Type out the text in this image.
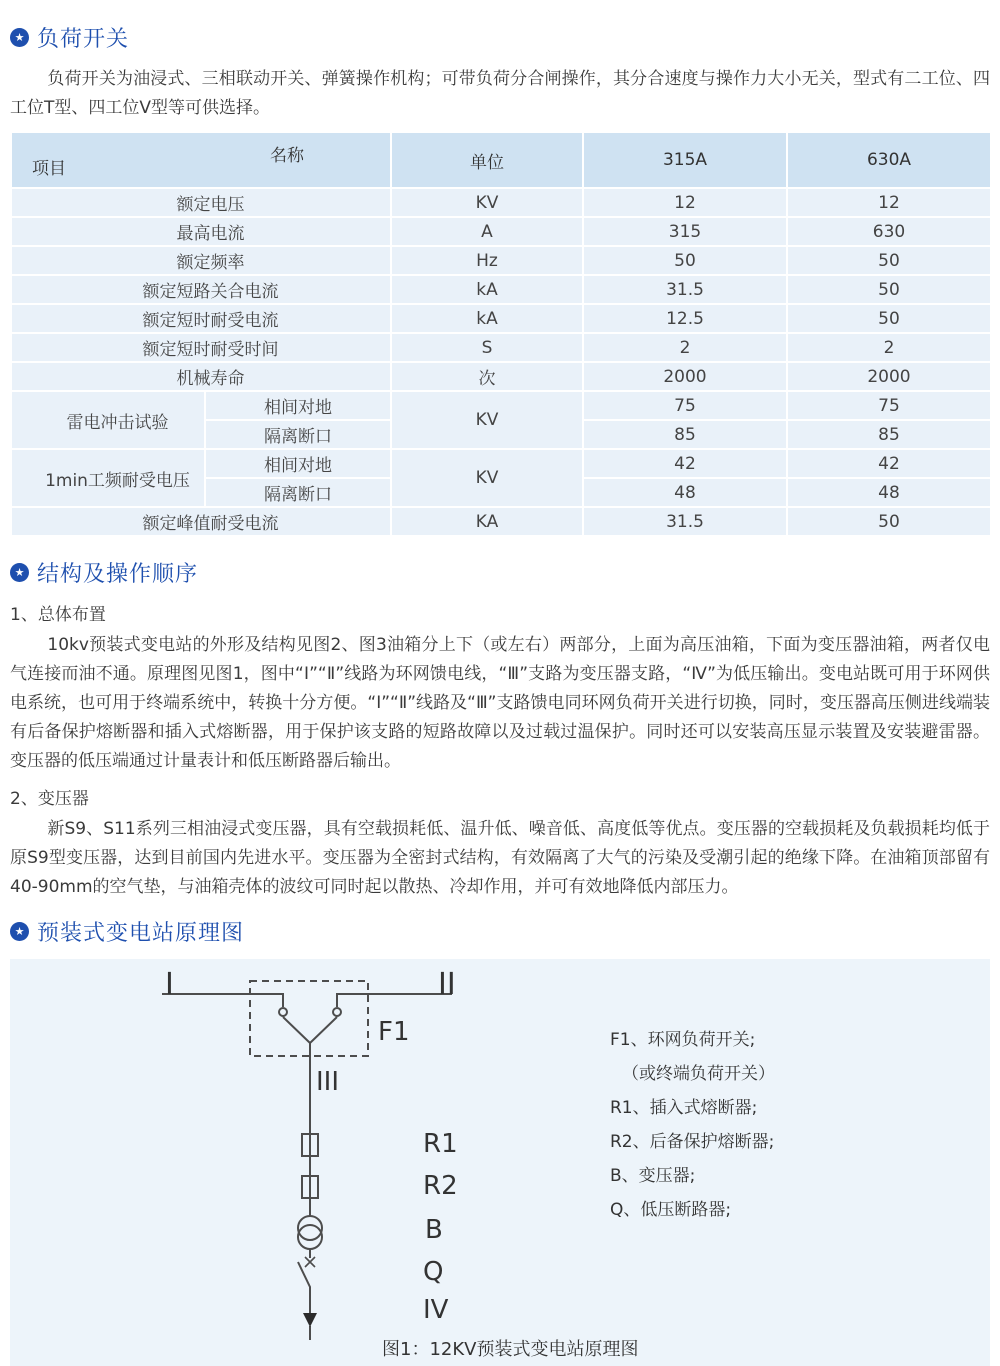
★ 负荷开关

负荷开关为油浸式、三相联动开关、弹簧操作机构；可带负荷分合闸操作，其分合速度与操作力大小无关，型式有二工位、四工位T型、四工位V型等可供选择。

名称
项目		单位	315A	630A
额定电压		KV	12	12
最高电流		A	315	630
额定频率		Hz	50	50
额定短路关合电流		kA	31.5	50
额定短时耐受电流		kA	12.5	50
额定短时耐受时间		S	2	2
机械寿命		次	2000	2000
雷电冲击试验	相间对地	KV	75	75
	隔离断口		85	85
1min工频耐受电压	相间对地	KV	42	42
	隔离断口		48	48
额定峰值耐受电流		KA	31.5	50
★ 结构及操作顺序

1、总体布置

10kv预装式变电站的外形及结构见图2、图3油箱分上下（或左右）两部分，上面为高压油箱，下面为变压器油箱，两者仅电气连接而油不通。原理图见图1，图中“Ⅰ”“Ⅱ”线路为环网馈电线，“Ⅲ”支路为变压器支路，“Ⅳ”为低压输出。变电站既可用于环网供电系统，也可用于终端系统中，转换十分方便。“Ⅰ”“Ⅱ”线路及“Ⅲ”支路馈电同环网负荷开关进行切换，同时，变压器高压侧进线端装有后备保护熔断器和插入式熔断器，用于保护该支路的短路故障以及过载过温保护。同时还可以安装高压显示装置及安装避雷器。变压器的低压端通过计量表计和低压断路器后输出。

2、变压器

新S9、S11系列三相油浸式变压器，具有空载损耗低、温升低、噪音低、高度低等优点。变压器的空载损耗及负载损耗均低于原S9型变压器，达到目前国内先进水平。变压器为全密封式结构，有效隔离了大气的污染及受潮引起的绝缘下降。在油箱顶部留有40-90mm的空气垫，与油箱壳体的波纹可同时起以散热、冷却作用，并可有效地降低内部压力。

★ 预装式变电站原理图
I	II
III
F1
R1
R2
B
Q
IV
F1、环网负荷开关;
（或终端负荷开关）
R1、插入式熔断器;
R2、后备保护熔断器;
B、变压器;
Q、低压断路器;
图1：12KV预装式变电站原理图
